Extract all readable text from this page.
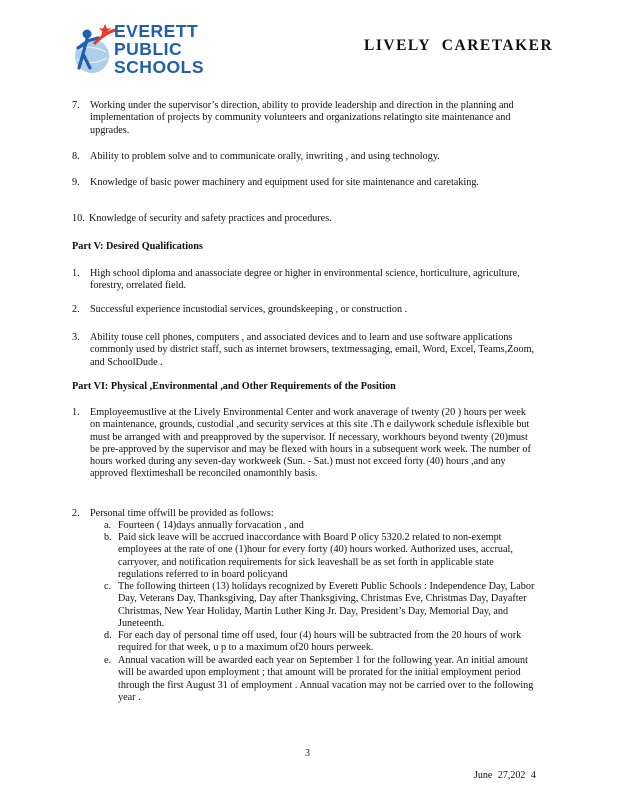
EVERETT
PUBLIC
SCHOOLS
LIVELY CARETAKER
7. Working under the supervisor’s direction, ability to provide leadership and direction in the planning and implementation of projects by community volunteers and organizations relatingto site maintenance and upgrades.
8. Ability to problem solve and to communicate orally, inwriting , and using technology.
9. Knowledge of basic power machinery and equipment used for site maintenance and caretaking.
10. Knowledge of security and safety practices and procedures.
Part V: Desired Qualifications
1. High school diploma and anassociate degree or higher in environmental science, horticulture, agriculture, forestry, orrelated field.
2. Successful experience incustodial services, groundskeeping , or construction .
3. Ability touse cell phones, computers , and associated devices and to learn and use software applications commonly used by district staff, such as internet browsers, textmessaging, email, Word, Excel, Teams,Zoom, and SchoolDude .
Part VI: Physical ,Environmental ,and Other Requirements of the Position
1. Employeemustlive at the Lively Environmental Center and work anaverage of twenty (20 ) hours per week on maintenance, grounds, custodial ,and security services at this site .Th e dailywork schedule isflexible but must be arranged with and preapproved by the supervisor. If necessary, workhours beyond twenty (20)must be pre-approved by the supervisor and may be flexed with hours in a subsequent work week. The number of hours worked during any seven-day workweek (Sun. - Sat.) must not exceed forty (40) hours ,and any approved flextimeshall be reconciled onamonthly basis.
2. Personal time offwill be provided as follows:
a. Fourteen ( 14)days annually forvacation , and
b. Paid sick leave will be accrued inaccordance with Board P olicy 5320.2 related to non-exempt employees at the rate of one (1)hour for every forty (40) hours worked. Authorized uses, accrual, carryover, and notification requirements for sick leaveshall be as set forth in applicable state regulations referred to in board policyand
c. The following thirteen (13) holidays recognized by Everett Public Schools : Independence Day, Labor Day, Veterans Day, Thanksgiving, Day after Thanksgiving, Christmas Eve, Christmas Day, Dayafter Christmas, New Year Holiday, Martin Luther King Jr. Day, President’s Day, Memorial Day, and Juneteenth.
d. For each day of personal time off used, four (4) hours will be subtracted from the 20 hours of work required for that week, u p to a maximum of20 hours perweek.
e. Annual vacation will be awarded each year on September 1 for the following year. An initial amount will be awarded upon employment ; that amount will be prorated for the initial employment period through the first August 31 of employment . Annual vacation may not be carried over to the following year .
3
June 27,202 4
